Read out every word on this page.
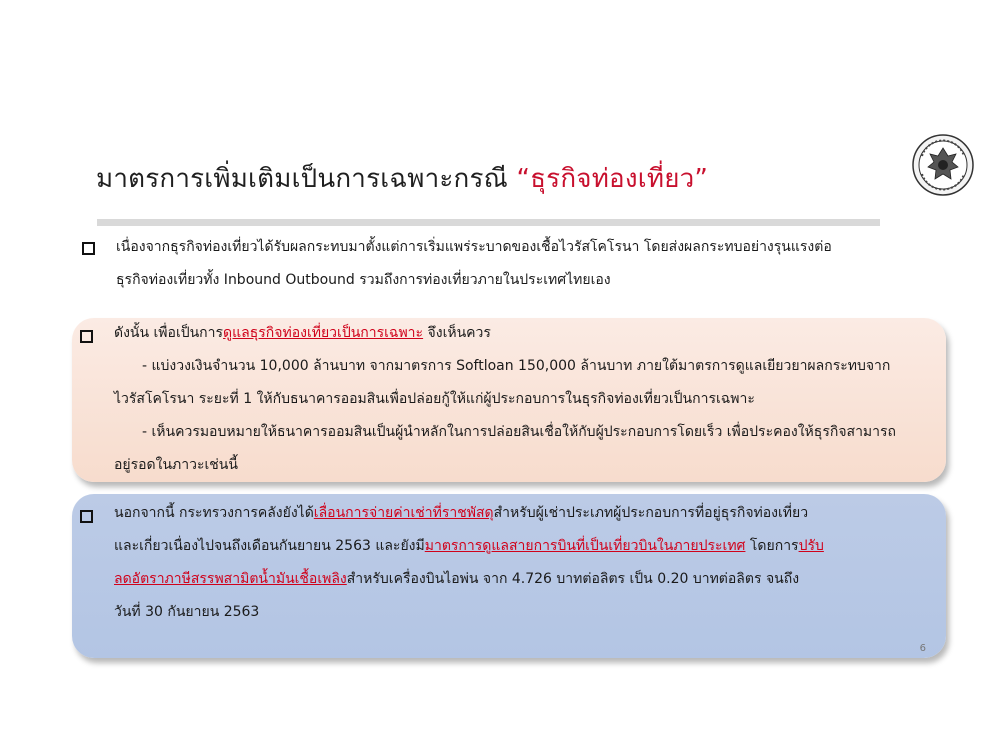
มาตรการเพิ่มเติมเป็นการเฉพาะกรณี “ธุรกิจท่องเที่ยว”
เนื่องจากธุรกิจท่องเที่ยวได้รับผลกระทบมาตั้งแต่การเริ่มแพร่ระบาดของเชื้อไวรัสโคโรนา โดยส่งผลกระทบอย่างรุนแรงต่อ
ธุรกิจท่องเที่ยวทั้ง Inbound Outbound รวมถึงการท่องเที่ยวภายในประเทศไทยเอง
ดังนั้น เพื่อเป็นการดูแลธุรกิจท่องเที่ยวเป็นการเฉพาะ จึงเห็นควร
- แบ่งวงเงินจำนวน 10,000 ล้านบาท จากมาตรการ Softloan 150,000 ล้านบาท ภายใต้มาตรการดูแลเยียวยาผลกระทบจาก
ไวรัสโคโรนา ระยะที่ 1 ให้กับธนาคารออมสินเพื่อปล่อยกู้ให้แก่ผู้ประกอบการในธุรกิจท่องเที่ยวเป็นการเฉพาะ
- เห็นควรมอบหมายให้ธนาคารออมสินเป็นผู้นำหลักในการปล่อยสินเชื่อให้กับผู้ประกอบการโดยเร็ว เพื่อประคองให้ธุรกิจสามารถ
อยู่รอดในภาวะเช่นนี้
นอกจากนี้ กระทรวงการคลังยังได้เลื่อนการจ่ายค่าเช่าที่ราชพัสดุสำหรับผู้เช่าประเภทผู้ประกอบการที่อยู่ธุรกิจท่องเที่ยว
และเกี่ยวเนื่องไปจนถึงเดือนกันยายน 2563 และยังมีมาตรการดูแลสายการบินที่เป็นเที่ยวบินในภายประเทศ โดยการปรับ
ลดอัตราภาษีสรรพสามิตน้ำมันเชื้อเพลิงสำหรับเครื่องบินไอพ่น จาก 4.726 บาทต่อลิตร เป็น 0.20 บาทต่อลิตร จนถึง
วันที่ 30 กันยายน 2563
6
